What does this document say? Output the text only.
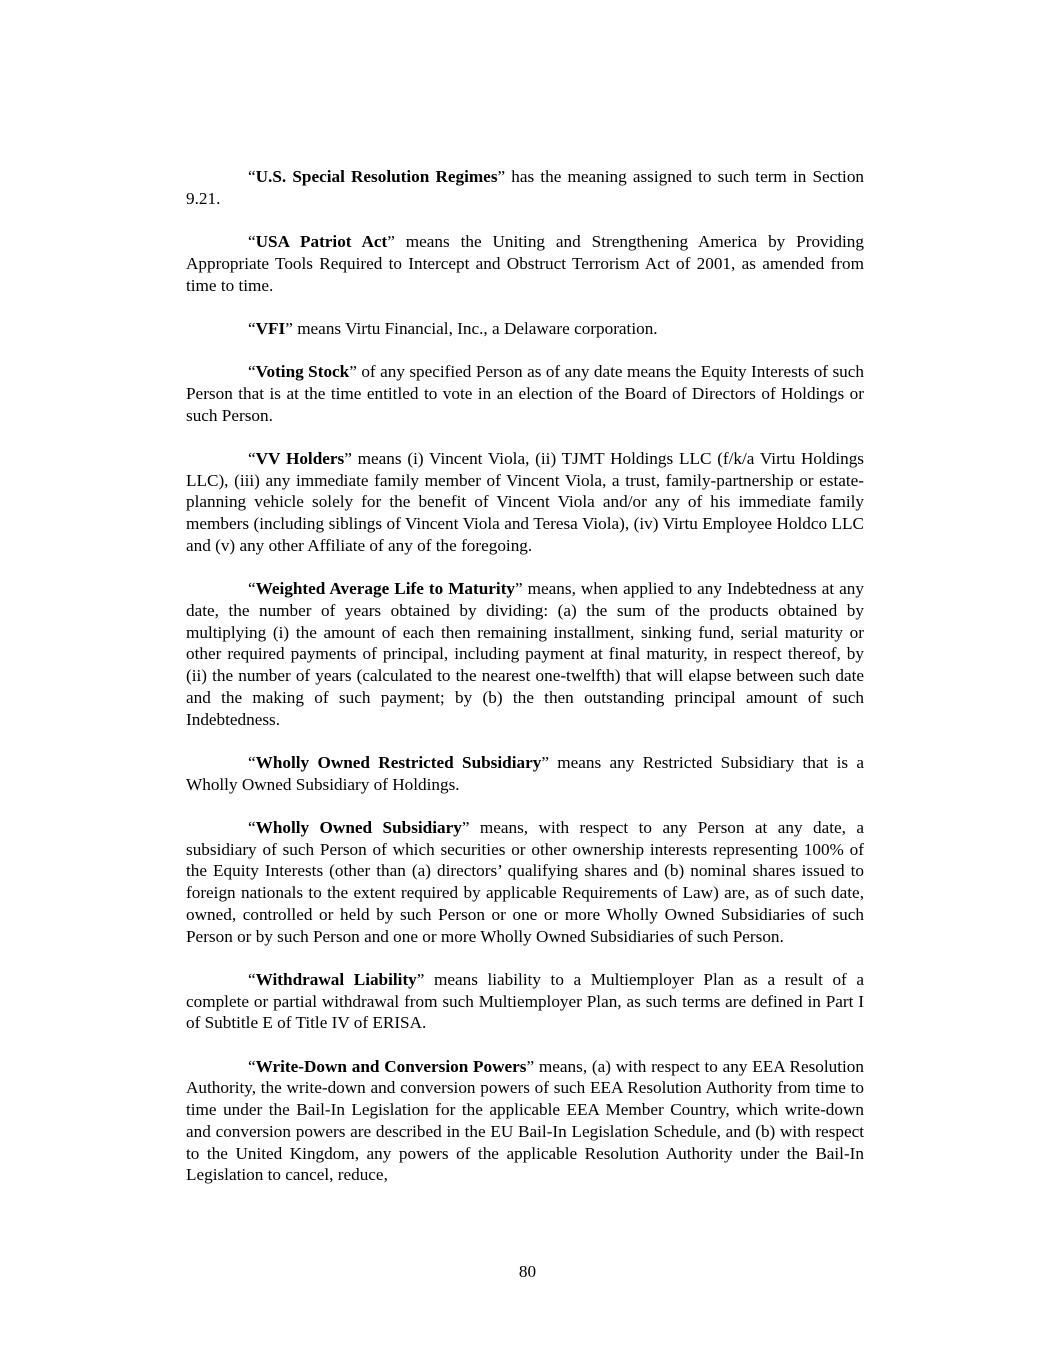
“U.S. Special Resolution Regimes” has the meaning assigned to such term in Section 9.21.

“USA Patriot Act” means the Uniting and Strengthening America by Providing Appropriate Tools Required to Intercept and Obstruct Terrorism Act of 2001, as amended from time to time.

“VFI” means Virtu Financial, Inc., a Delaware corporation.

“Voting Stock” of any specified Person as of any date means the Equity Interests of such Person that is at the time entitled to vote in an election of the Board of Directors of Holdings or such Person.

“VV Holders” means (i) Vincent Viola, (ii) TJMT Holdings LLC (f/k/a Virtu Holdings LLC), (iii) any immediate family member of Vincent Viola, a trust, family-partnership or estate-planning vehicle solely for the benefit of Vincent Viola and/or any of his immediate family members (including siblings of Vincent Viola and Teresa Viola), (iv) Virtu Employee Holdco LLC and (v) any other Affiliate of any of the foregoing.

“Weighted Average Life to Maturity” means, when applied to any Indebtedness at any date, the number of years obtained by dividing: (a) the sum of the products obtained by multiplying (i) the amount of each then remaining installment, sinking fund, serial maturity or other required payments of principal, including payment at final maturity, in respect thereof, by (ii) the number of years (calculated to the nearest one-twelfth) that will elapse between such date and the making of such payment; by (b) the then outstanding principal amount of such Indebtedness.

“Wholly Owned Restricted Subsidiary” means any Restricted Subsidiary that is a Wholly Owned Subsidiary of Holdings.

“Wholly Owned Subsidiary” means, with respect to any Person at any date, a subsidiary of such Person of which securities or other ownership interests representing 100% of the Equity Interests (other than (a) directors’ qualifying shares and (b) nominal shares issued to foreign nationals to the extent required by applicable Requirements of Law) are, as of such date, owned, controlled or held by such Person or one or more Wholly Owned Subsidiaries of such Person or by such Person and one or more Wholly Owned Subsidiaries of such Person.

“Withdrawal Liability” means liability to a Multiemployer Plan as a result of a complete or partial withdrawal from such Multiemployer Plan, as such terms are defined in Part I of Subtitle E of Title IV of ERISA.

“Write-Down and Conversion Powers” means, (a) with respect to any EEA Resolution Authority, the write-down and conversion powers of such EEA Resolution Authority from time to time under the Bail-In Legislation for the applicable EEA Member Country, which write-down and conversion powers are described in the EU Bail-In Legislation Schedule, and (b) with respect to the United Kingdom, any powers of the applicable Resolution Authority under the Bail-In Legislation to cancel, reduce,

80
